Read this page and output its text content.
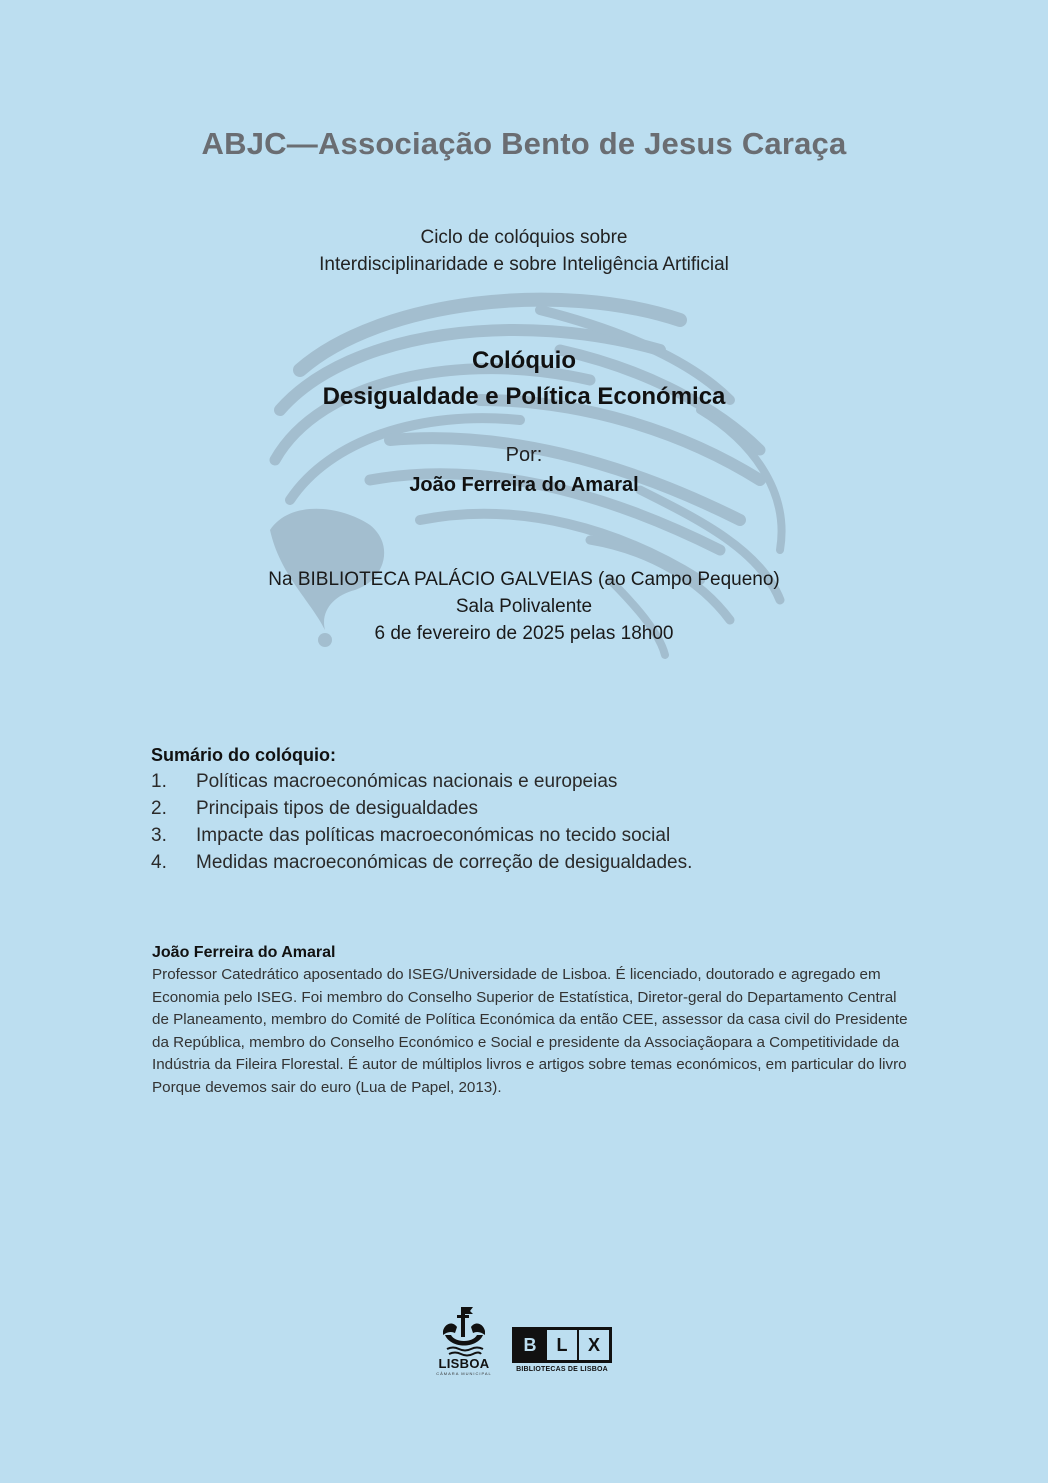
ABJC—Associação Bento de Jesus Caraça
Ciclo de colóquios sobre
Interdisciplinaridade e sobre Inteligência Artificial
Colóquio
Desigualdade e Política Económica
Por:
João Ferreira do Amaral
Na BIBLIOTECA PALÁCIO GALVEIAS (ao Campo Pequeno)
Sala Polivalente
6 de fevereiro de 2025 pelas 18h00
Sumário do colóquio:
1.	Políticas macroeconómicas nacionais e europeias
2.	Principais tipos de desigualdades
3.	Impacte das políticas macroeconómicas no tecido social
4.	Medidas macroeconómicas de correção de desigualdades.
João Ferreira do Amaral
Professor Catedrático aposentado do ISEG/Universidade de Lisboa. É licenciado, doutorado e agregado em Economia pelo ISEG. Foi membro do Conselho Superior de Estatística, Diretor-geral do Departamento Central de Planeamento, membro do Comité de Política Económica da então CEE, assessor da casa civil do Presidente da República, membro do Conselho Económico e Social e presidente da Associaçãopara a Competitividade da Indústria da Fileira Florestal. É autor de múltiplos livros e artigos sobre temas económicos, em particular do livro Porque devemos sair do euro (Lua de Papel, 2013).
LISBOA
CÂMARA MUNICIPAL
B	L	X
BIBLIOTECAS DE LISBOA
